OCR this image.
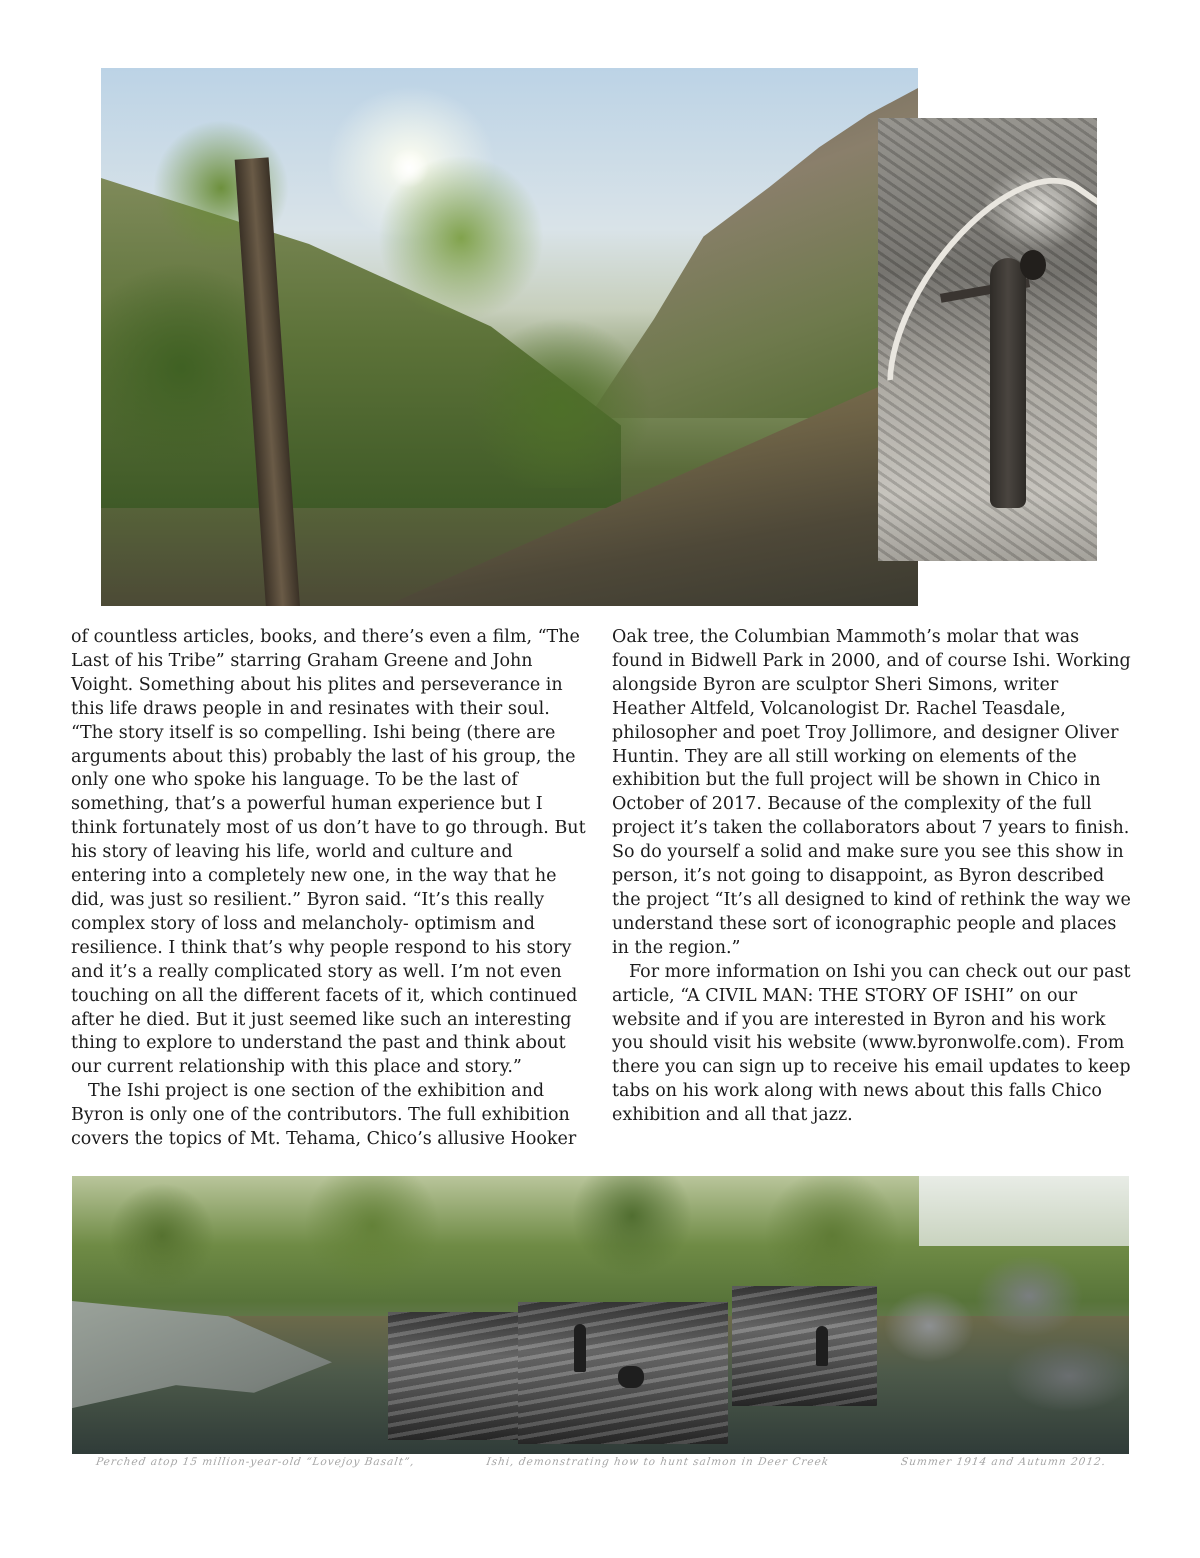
of countless articles, books, and there’s even a film, “The Last of his Tribe” starring Graham Greene and John Voight. Something about his plites and perseverance in this life draws people in and resinates with their soul. “The story itself is so compelling. Ishi being (there are arguments about this) probably the last of his group, the only one who spoke his language. To be the last of something, that’s a powerful human experience but I think fortunately most of us don’t have to go through. But his story of leaving his life, world and culture and entering into a completely new one, in the way that he did, was just so resilient.” Byron said. “It’s this really complex story of loss and melancholy- optimism and resilience. I think that’s why people respond to his story and it’s a really complicated story as well. I’m not even touching on all the different facets of it, which continued after he died. But it just seemed like such an interesting thing to explore to understand the past and think about our current relationship with this place and story.”

The Ishi project is one section of the exhibition and Byron is only one of the contributors. The full exhibition covers the topics of Mt. Tehama, Chico’s allusive Hooker

Oak tree, the Columbian Mammoth’s molar that was found in Bidwell Park in 2000, and of course Ishi. Working alongside Byron are sculptor Sheri Simons, writer Heather Altfeld, Volcanologist Dr. Rachel Teasdale, philosopher and poet Troy Jollimore, and designer Oliver Huntin. They are all still working on elements of the exhibition but the full project will be shown in Chico in October of 2017. Because of the complexity of the full project it’s taken the collaborators about 7 years to finish. So do yourself a solid and make sure you see this show in person, it’s not going to disappoint, as Byron described the project “It’s all designed to kind of rethink the way we understand these sort of iconographic people and places in the region.”

For more information on Ishi you can check out our past article, “A CIVIL MAN: THE STORY OF ISHI” on our website and if you are interested in Byron and his work you should visit his website (www.byronwolfe.com). From there you can sign up to receive his email updates to keep tabs on his work along with news about this falls Chico exhibition and all that jazz.

Perched atop 15 million-year-old “Lovejoy Basalt”,	Ishi, demonstrating how to hunt salmon in Deer Creek	Summer 1914 and Autumn 2012.
